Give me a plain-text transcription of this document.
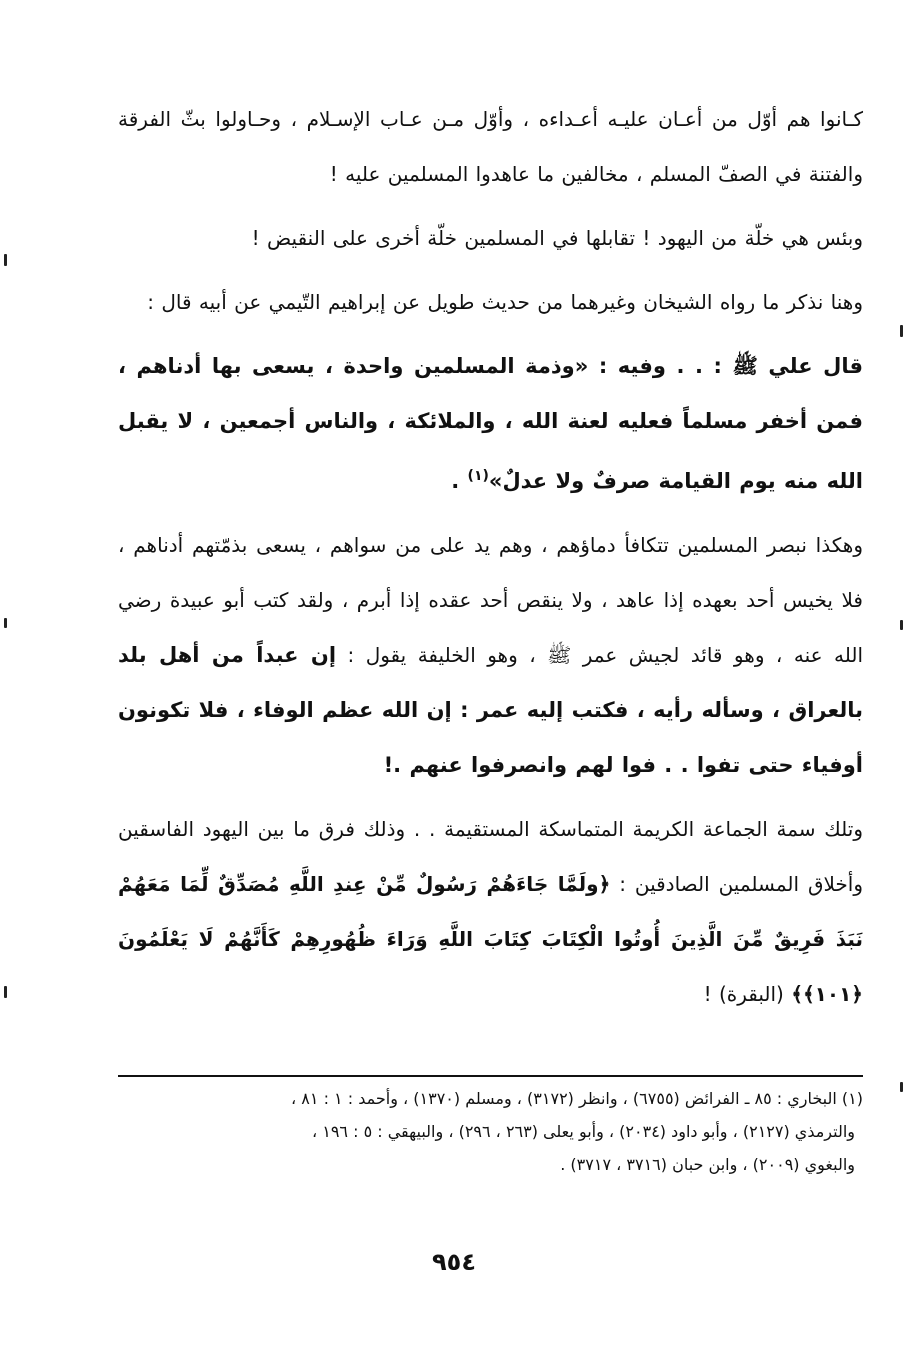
كـانوا هم أوّل من أعـان عليـه أعـداءه ، وأوّل مـن عـاب الإسـلام ، وحـاولوا بثّ الفرقة والفتنة في الصفّ المسلم ، مخالفين ما عاهدوا المسلمين عليه !

وبئس هي خلّة من اليهود ! تقابلها في المسلمين خلّة أخرى على النقيض !

وهنا نذكر ما رواه الشيخان وغيرهما من حديث طويل عن إبراهيم التّيمي عن أبيه قال :

قال علي ﷺ : . . وفيه : «وذمة المسلمين واحدة ، يسعى بها أدناهم ، فمن أخفر مسلماً فعليه لعنة الله ، والملائكة ، والناس أجمعين ، لا يقبل الله منه يوم القيامة صرفٌ ولا عدلٌ»$^{(١)}$ .

وهكذا نبصر المسلمين تتكافأ دماؤهم ، وهم يد على من سواهم ، يسعى بذمّتهم أدناهم ، فلا يخيس أحد بعهده إذا عاهد ، ولا ينقص أحد عقده إذا أبرم ، ولقد كتب أبو عبيدة رضي الله عنه ، وهو قائد لجيش عمر ﷺ ، وهو الخليفة يقول : إن عبداً من أهل بلد بالعراق ، وسأله رأيه ، فكتب إليه عمر : إن الله عظم الوفاء ، فلا تكونون أوفياء حتى تفوا . . فوا لهم وانصرفوا عنهم .!

وتلك سمة الجماعة الكريمة المتماسكة المستقيمة . . وذلك فرق ما بين اليهود الفاسقين وأخلاق المسلمين الصادقين : ﴿ولَمَّا جَاءَهُمْ رَسُولٌ مِّنْ عِندِ اللَّهِ مُصَدِّقٌ لِّمَا مَعَهُمْ نَبَذَ فَرِيقٌ مِّنَ الَّذِينَ أُوتُوا الْكِتَابَ كِتَابَ اللَّهِ وَرَاءَ ظُهُورِهِمْ كَأَنَّهُمْ لَا يَعْلَمُونَ ﴿١٠١﴾﴾ (البقرة) !

(١) البخاري : ٨٥ ـ الفرائض (٦٧٥٥) ، وانظر (٣١٧٢) ، ومسلم (١٣٧٠) ، وأحمد : ١ : ٨١ ،

والترمذي (٢١٢٧) ، وأبو داود (٢٠٣٤) ، وأبو يعلى (٢٦٣ ، ٢٩٦) ، والبيهقي : ٥ : ١٩٦ ،

والبغوي (٢٠٠٩) ، وابن حبان (٣٧١٦ ، ٣٧١٧) .

٩٥٤
